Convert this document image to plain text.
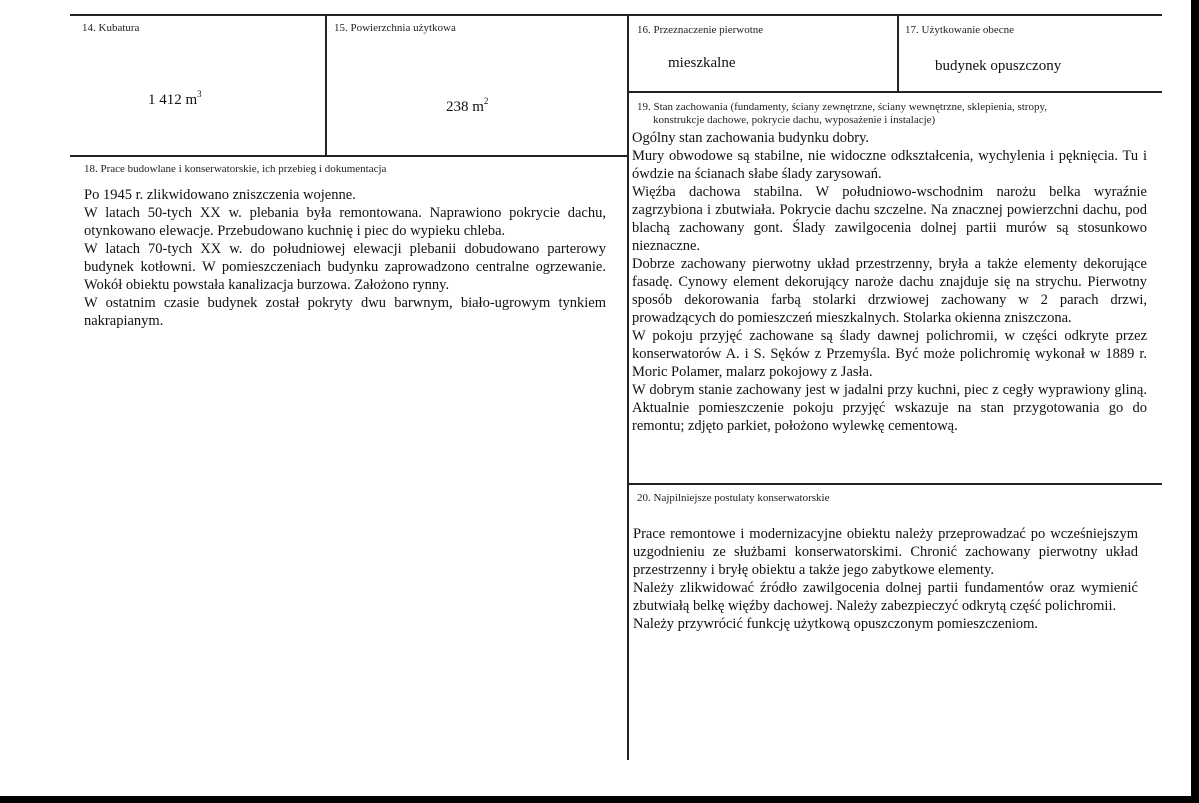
14. Kubatura
1 412 $m^3$
15. Powierzchnia użytkowa
238 $m^2$
16. Przeznaczenie pierwotne
mieszkalne
17. Użytkowanie obecne
budynek opuszczony
18. Prace budowlane i konserwatorskie, ich przebieg i dokumentacja

Po 1945 r. zlikwidowano zniszczenia wojenne.

W latach 50-tych XX w. plebania była remontowana. Naprawiono pokrycie dachu, otynkowano elewacje. Przebudowano kuchnię i piec do wypieku chleba.

W latach 70-tych XX w. do południowej elewacji plebanii dobudowano parterowy budynek kotłowni. W pomieszczeniach budynku zaprowadzono centralne ogrzewanie. Wokół obiektu powstała kanalizacja burzowa. Założono rynny.

W ostatnim czasie budynek został pokryty dwu barwnym, biało-ugrowym tynkiem nakrapianym.

19. Stan zachowania (fundamenty, ściany zewnętrzne, ściany wewnętrzne, sklepienia, stropy,
konstrukcje dachowe, pokrycie dachu, wyposażenie i instalacje)

Ogólny stan zachowania budynku dobry.

Mury obwodowe są stabilne, nie widoczne odkształcenia, wychylenia i pęknięcia. Tu i ówdzie na ścianach słabe ślady zarysowań.

Więźba dachowa stabilna. W południowo-wschodnim narożu belka wyraźnie zagrzybiona i zbutwiała. Pokrycie dachu szczelne. Na znacznej powierzchni dachu, pod blachą zachowany gont. Ślady zawilgocenia dolnej partii murów są stosunkowo nieznaczne.

Dobrze zachowany pierwotny układ przestrzenny, bryła a także elementy dekorujące fasadę. Cynowy element dekorujący naroże dachu znajduje się na strychu. Pierwotny sposób dekorowania farbą stolarki drzwiowej zachowany w 2 parach drzwi, prowadzących do pomieszczeń mieszkalnych. Stolarka okienna zniszczona.

W pokoju przyjęć zachowane są ślady dawnej polichromii, w części odkryte przez konserwatorów A. i S. Sęków z Przemyśla. Być może polichromię wykonał w 1889 r. Moric Polamer, malarz pokojowy z Jasła.

W dobrym stanie zachowany jest w jadalni przy kuchni, piec z cegły wyprawiony gliną. Aktualnie pomieszczenie pokoju przyjęć wskazuje na stan przygotowania go do remontu; zdjęto parkiet, położono wylewkę cementową.

20. Najpilniejsze postulaty konserwatorskie

Prace remontowe i modernizacyjne obiektu należy przeprowadzać po wcześniejszym uzgodnieniu ze służbami konserwatorskimi. Chronić zachowany pierwotny układ przestrzenny i bryłę obiektu a także jego zabytkowe elementy.

Należy zlikwidować źródło zawilgocenia dolnej partii fundamentów oraz wymienić zbutwiałą belkę więźby dachowej. Należy zabezpieczyć odkrytą część polichromii.

Należy przywrócić funkcję użytkową opuszczonym pomieszczeniom.
